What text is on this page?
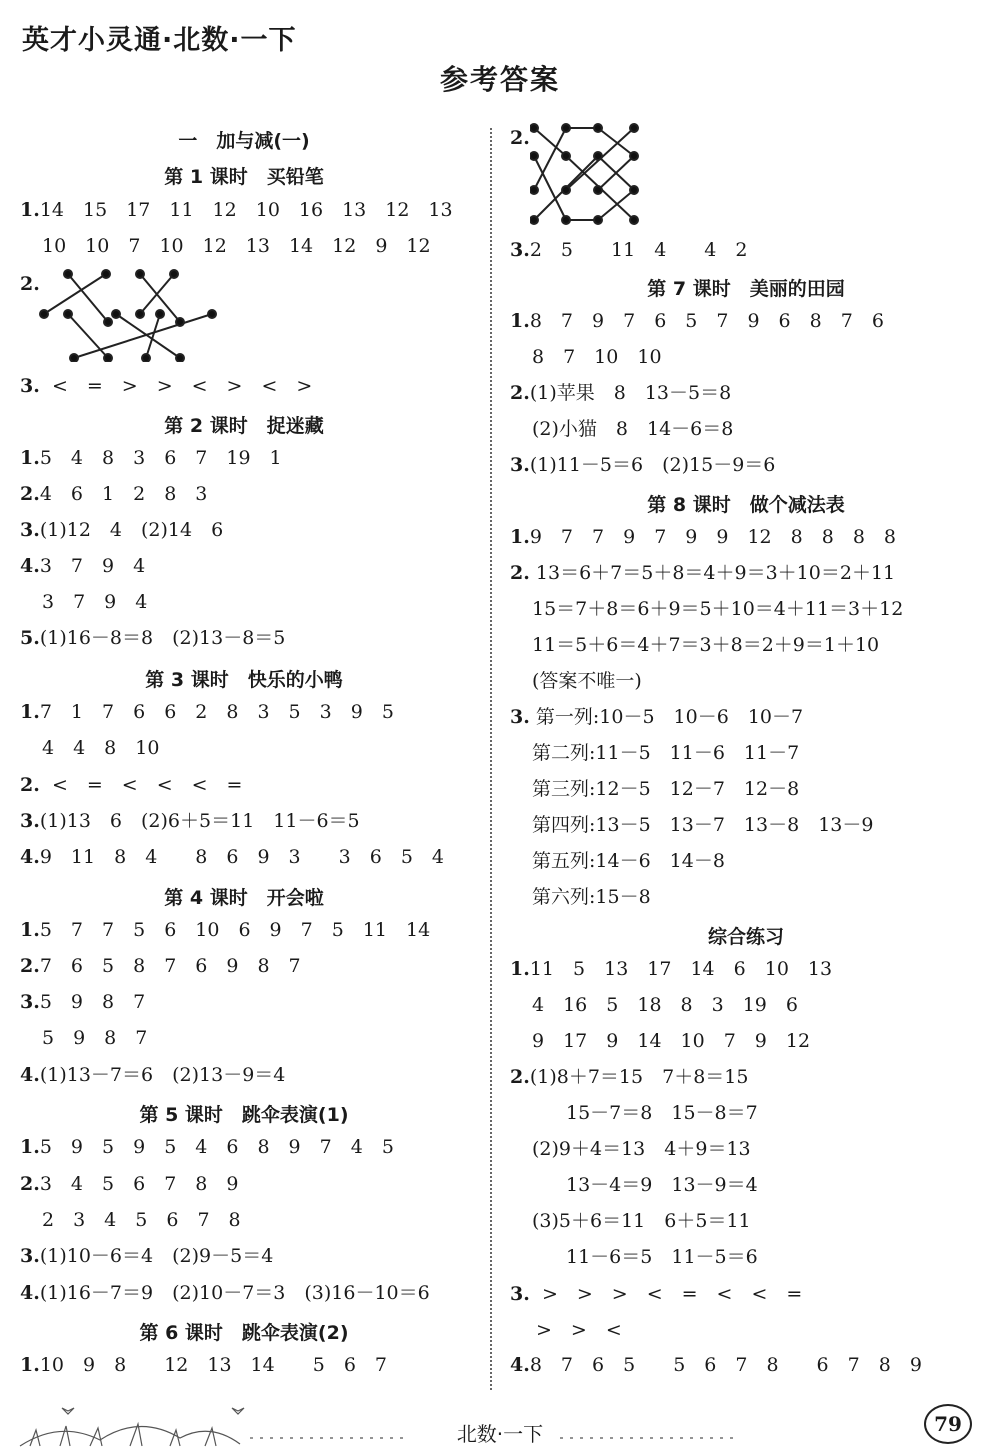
英才小灵通·北数·一下
参考答案
一　加与减(一)
第 1 课时　买铅笔
1.14　15　17　11　12　10　16　13　12　13
10　10　7　10　12　13　14　12　9　12
2.
3. <　=　>　>　<　>　<　>
第 2 课时　捉迷藏
1.5　4　8　3　6　7　19　1
2.4　6　1　2　8　3
3.(1)12　4　(2)14　6
4.3　7　9　4
3　7　9　4
5.(1)16－8＝8　(2)13－8＝5
第 3 课时　快乐的小鸭
1.7　1　7　6　6　2　8　3　5　3　9　5
4　4　8　10
2. <　=　<　<　<　=
3.(1)13　6　(2)6＋5＝11　11－6＝5
4.9　11　8　4　　8　6　9　3　　3　6　5　4
第 4 课时　开会啦
1.5　7　7　5　6　10　6　9　7　5　11　14
2.7　6　5　8　7　6　9　8　7
3.5　9　8　7
5　9　8　7
4.(1)13－7＝6　(2)13－9＝4
第 5 课时　跳伞表演(1)
1.5　9　5　9　5　4　6　8　9　7　4　5
2.3　4　5　6　7　8　9
2　3　4　5　6　7　8
3.(1)10－6＝4　(2)9－5＝4
4.(1)16－7＝9　(2)10－7＝3　(3)16－10＝6
第 6 课时　跳伞表演(2)
1.10　9　8　　12　13　14　　5　6　7
2.
3.2　5　　11　4　　4　2
第 7 课时　美丽的田园
1.8　7　9　7　6　5　7　9　6　8　7　6
8　7　10　10
2.(1)苹果　8　13－5＝8
(2)小猫　8　14－6＝8
3.(1)11－5＝6　(2)15－9＝6
第 8 课时　做个减法表
1.9　7　7　9　7　9　9　12　8　8　8　8
2. 13＝6＋7＝5＋8＝4＋9＝3＋10＝2＋11
15＝7＋8＝6＋9＝5＋10＝4＋11＝3＋12
11＝5＋6＝4＋7＝3＋8＝2＋9＝1＋10
(答案不唯一)
3. 第一列:10－5　10－6　10－7
第二列:11－5　11－6　11－7
第三列:12－5　12－7　12－8
第四列:13－5　13－7　13－8　13－9
第五列:14－6　14－8
第六列:15－8
综合练习
1.11　5　13　17　14　6　10　13
4　16　5　18　8　3　19　6
9　17　9　14　10　7　9　12
2.(1)8＋7＝15　7＋8＝15
15－7＝8　15－8＝7
(2)9＋4＝13　4＋9＝13
13－4＝9　13－9＝4
(3)5＋6＝11　6＋5＝11
11－6＝5　11－5＝6
3. >　>　>　<　=　<　<　=
>　>　<
4.8　7　6　5　　5　6　7　8　　6　7　8　9
北数·一下	79
